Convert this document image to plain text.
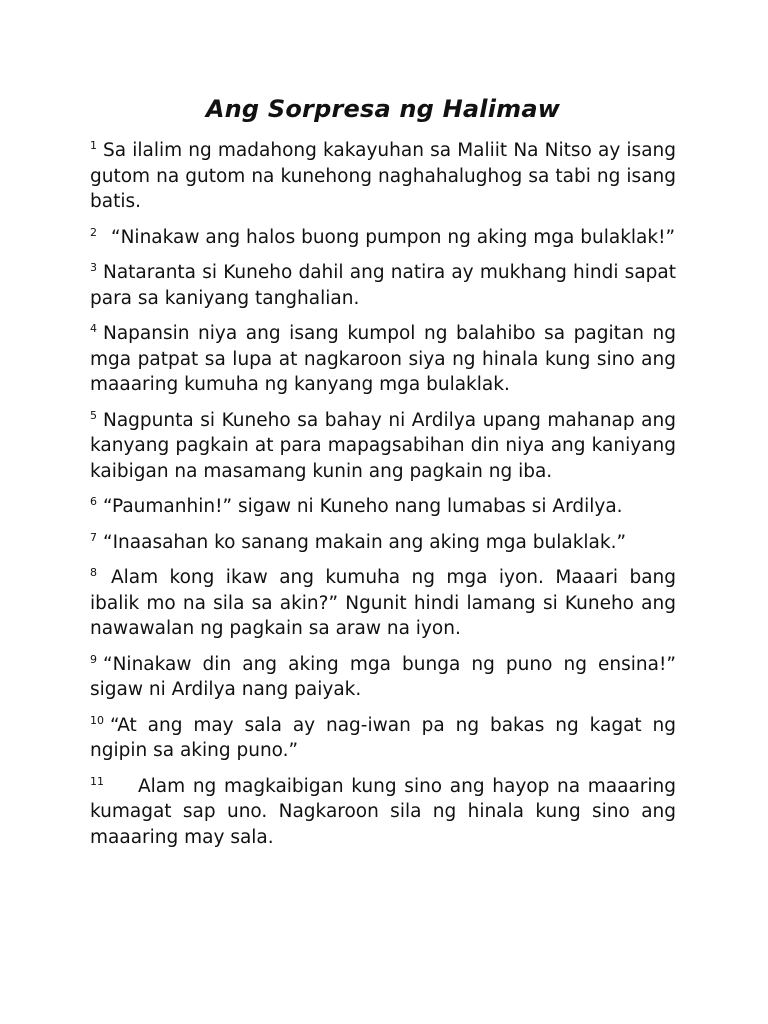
Ang Sorpresa ng Halimaw

$^1$ Sa ilalim ng madahong kakayuhan sa Maliit Na Nitso ay isang gutom na gutom na kunehong naghahalughog sa tabi ng isang batis.

$^2$ “Ninakaw ang halos buong pumpon ng aking mga bulaklak!”

$^3$ Nataranta si Kuneho dahil ang natira ay mukhang hindi sapat para sa kaniyang tanghalian.

$^4$ Napansin niya ang isang kumpol ng balahibo sa pagitan ng mga patpat sa lupa at nagkaroon siya ng hinala kung sino ang maaaring kumuha ng kanyang mga bulaklak.

$^5$ Nagpunta si Kuneho sa bahay ni Ardilya upang mahanap ang kanyang pagkain at para mapagsabihan din niya ang kaniyang kaibigan na masamang kunin ang pagkain ng iba.

$^6$ “Paumanhin!” sigaw ni Kuneho nang lumabas si Ardilya.

$^7$ “Inaasahan ko sanang makain ang aking mga bulaklak.”

$^8$ Alam kong ikaw ang kumuha ng mga iyon. Maaari bang ibalik mo na sila sa akin?” Ngunit hindi lamang si Kuneho ang nawawalan ng pagkain sa araw na iyon.

$^9$ “Ninakaw din ang aking mga bunga ng puno ng ensina!” sigaw ni Ardilya nang paiyak.

$^{10}$ “At ang may sala ay nag-iwan pa ng bakas ng kagat ng ngipin sa aking puno.”

$^{11}$ Alam ng magkaibigan kung sino ang hayop na maaaring kumagat sap uno. Nagkaroon sila ng hinala kung sino ang maaaring may sala.
